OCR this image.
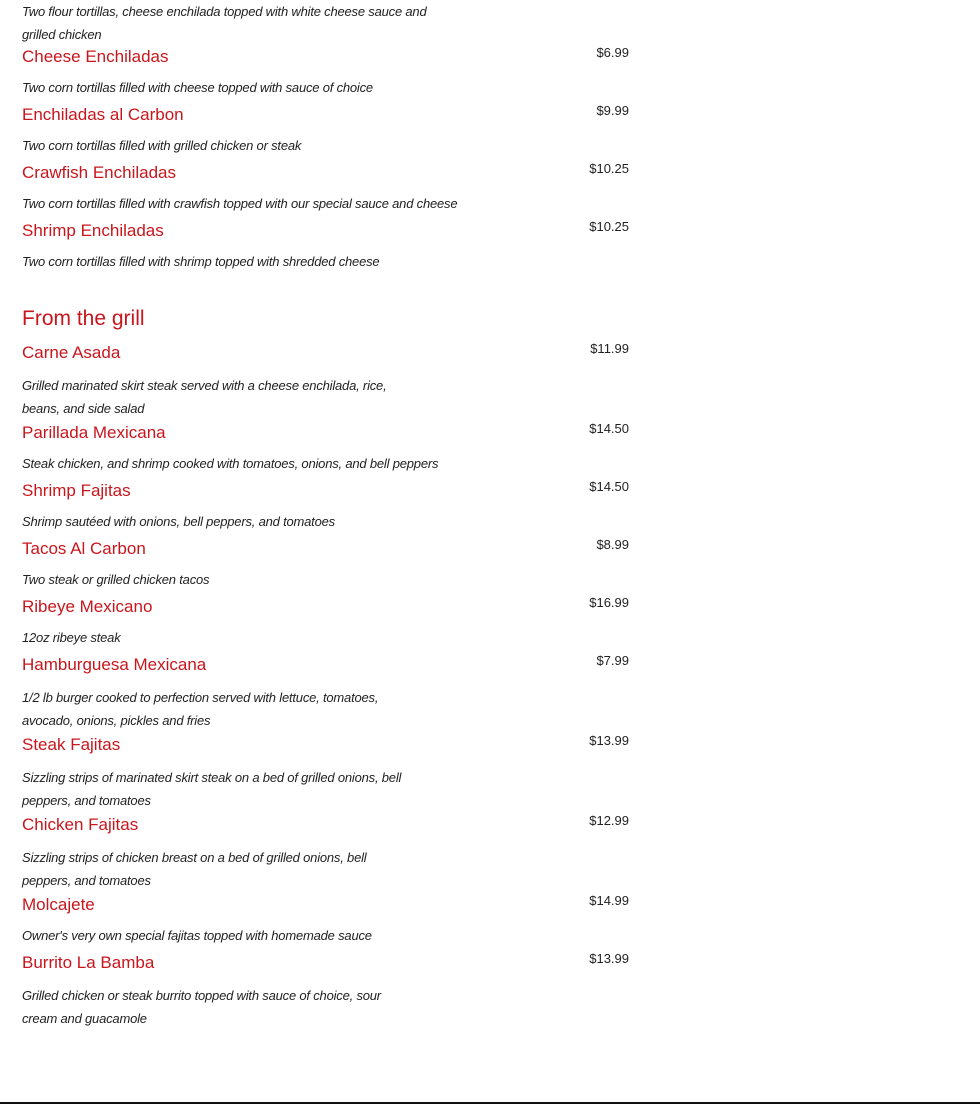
Two flour tortillas, cheese enchilada topped with white cheese sauce and grilled chicken
Cheese Enchiladas	$6.99
Two corn tortillas filled with cheese topped with sauce of choice
Enchiladas al Carbon	$9.99
Two corn tortillas filled with grilled chicken or steak
Crawfish Enchiladas	$10.25
Two corn tortillas filled with crawfish topped with our special sauce and cheese
Shrimp Enchiladas	$10.25
Two corn tortillas filled with shrimp topped with shredded cheese
From the grill
Carne Asada	$11.99
Grilled marinated skirt steak served with a cheese enchilada, rice, beans, and side salad
Parillada Mexicana	$14.50
Steak chicken, and shrimp cooked with tomatoes, onions, and bell peppers
Shrimp Fajitas	$14.50
Shrimp sautéed with onions, bell peppers, and tomatoes
Tacos Al Carbon	$8.99
Two steak or grilled chicken tacos
Ribeye Mexicano	$16.99
12oz ribeye steak
Hamburguesa Mexicana	$7.99
1/2 lb burger cooked to perfection served with lettuce, tomatoes, avocado, onions, pickles and fries
Steak Fajitas	$13.99
Sizzling strips of marinated skirt steak on a bed of grilled onions, bell peppers, and tomatoes
Chicken Fajitas	$12.99
Sizzling strips of chicken breast on a bed of grilled onions, bell peppers, and tomatoes
Molcajete	$14.99
Owner's very own special fajitas topped with homemade sauce
Burrito La Bamba	$13.99
Grilled chicken or steak burrito topped with sauce of choice, sour cream and guacamole
